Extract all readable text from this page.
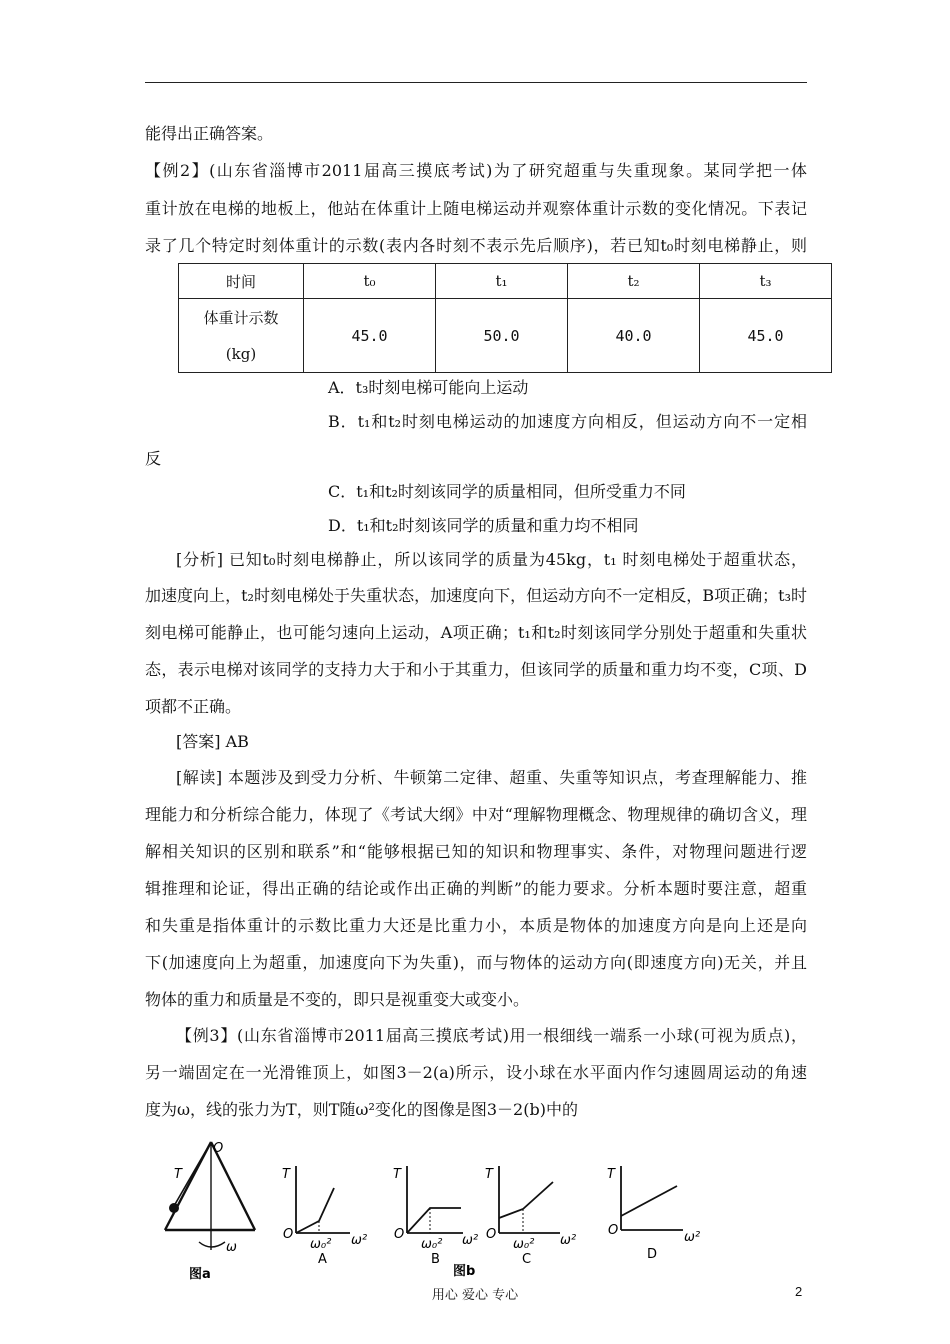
能得出正确答案。
【例2】(山东省淄博市2011届高三摸底考试)为了研究超重与失重现象。某同学把一体
重计放在电梯的地板上，他站在体重计上随电梯运动并观察体重计示数的变化情况。下表记
录了几个特定时刻体重计的示数(表内各时刻不表示先后顺序)，若已知t₀时刻电梯静止，则
时间	t₀	t₁	t₂	t₃

体重计示数
(kg)	45.0	50.0	40.0	45.0
A．t₃时刻电梯可能向上运动
B．t₁和t₂时刻电梯运动的加速度方向相反，但运动方向不一定相
反
C．t₁和t₂时刻该同学的质量相同，但所受重力不同
D．t₁和t₂时刻该同学的质量和重力均不相同
[分析] 已知t₀时刻电梯静止，所以该同学的质量为45kg，t₁ 时刻电梯处于超重状态，
加速度向上，t₂时刻电梯处于失重状态，加速度向下，但运动方向不一定相反，B项正确；t₃时
刻电梯可能静止，也可能匀速向上运动，A项正确；t₁和t₂时刻该同学分别处于超重和失重状
态，表示电梯对该同学的支持力大于和小于其重力，但该同学的质量和重力均不变，C项、D
项都不正确。
[答案] AB
[解读] 本题涉及到受力分析、牛顿第二定律、超重、失重等知识点，考查理解能力、推
理能力和分析综合能力，体现了《考试大纲》中对“理解物理概念、物理规律的确切含义，理
解相关知识的区别和联系”和“能够根据已知的知识和物理事实、条件，对物理问题进行逻
辑推理和论证，得出正确的结论或作出正确的判断”的能力要求。分析本题时要注意，超重
和失重是指体重计的示数比重力大还是比重力小，本质是物体的加速度方向是向上还是向
下(加速度向上为超重，加速度向下为失重)，而与物体的运动方向(即速度方向)无关，并且
物体的重力和质量是不变的，即只是视重变大或变小。
【例3】(山东省淄博市2011届高三摸底考试)用一根细线一端系一小球(可视为质点)，
另一端固定在一光滑锥顶上，如图3－2(a)所示，设小球在水平面内作匀速圆周运动的角速
度为ω，线的张力为T，则T随ω²变化的图像是图3－2(b)中的
O
T
ω
图a
O
T
ω₀² ω²
A
O
T
ω₀² ω²
B
O
T
ω₀² ω²
C
图b
O
T
ω²
D
用心 爱心 专心	2
